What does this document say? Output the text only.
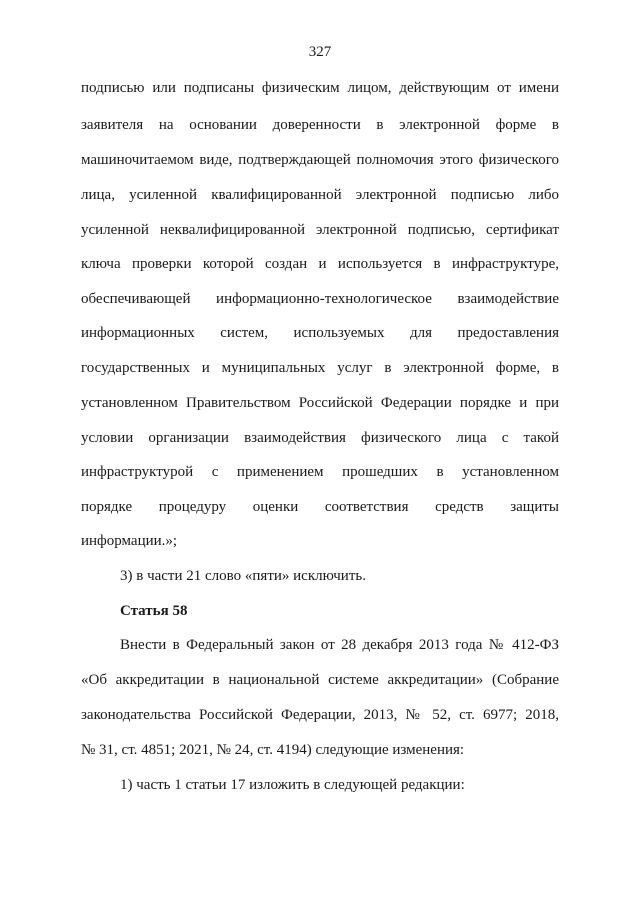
327
подписью или подписаны физическим лицом, действующим от имени
заявителя на основании доверенности в электронной форме в
машиночитаемом виде, подтверждающей полномочия этого физического
лица, усиленной квалифицированной электронной подписью либо
усиленной неквалифицированной электронной подписью, сертификат
ключа проверки которой создан и используется в инфраструктуре,
обеспечивающей информационно-технологическое взаимодействие
информационных систем, используемых для предоставления
государственных и муниципальных услуг в электронной форме, в
установленном Правительством Российской Федерации порядке и при
условии организации взаимодействия физического лица с такой
инфраструктурой с применением прошедших в установленном
порядке процедуру оценки соответствия средств защиты
информации.»;
3) в части 21 слово «пяти» исключить.
Статья 58
Внести в Федеральный закон от 28 декабря 2013 года № 412-ФЗ
«Об аккредитации в национальной системе аккредитации» (Собрание
законодательства Российской Федерации, 2013, № 52, ст. 6977; 2018,
№ 31, ст. 4851; 2021, № 24, ст. 4194) следующие изменения:
1) часть 1 статьи 17 изложить в следующей редакции:
